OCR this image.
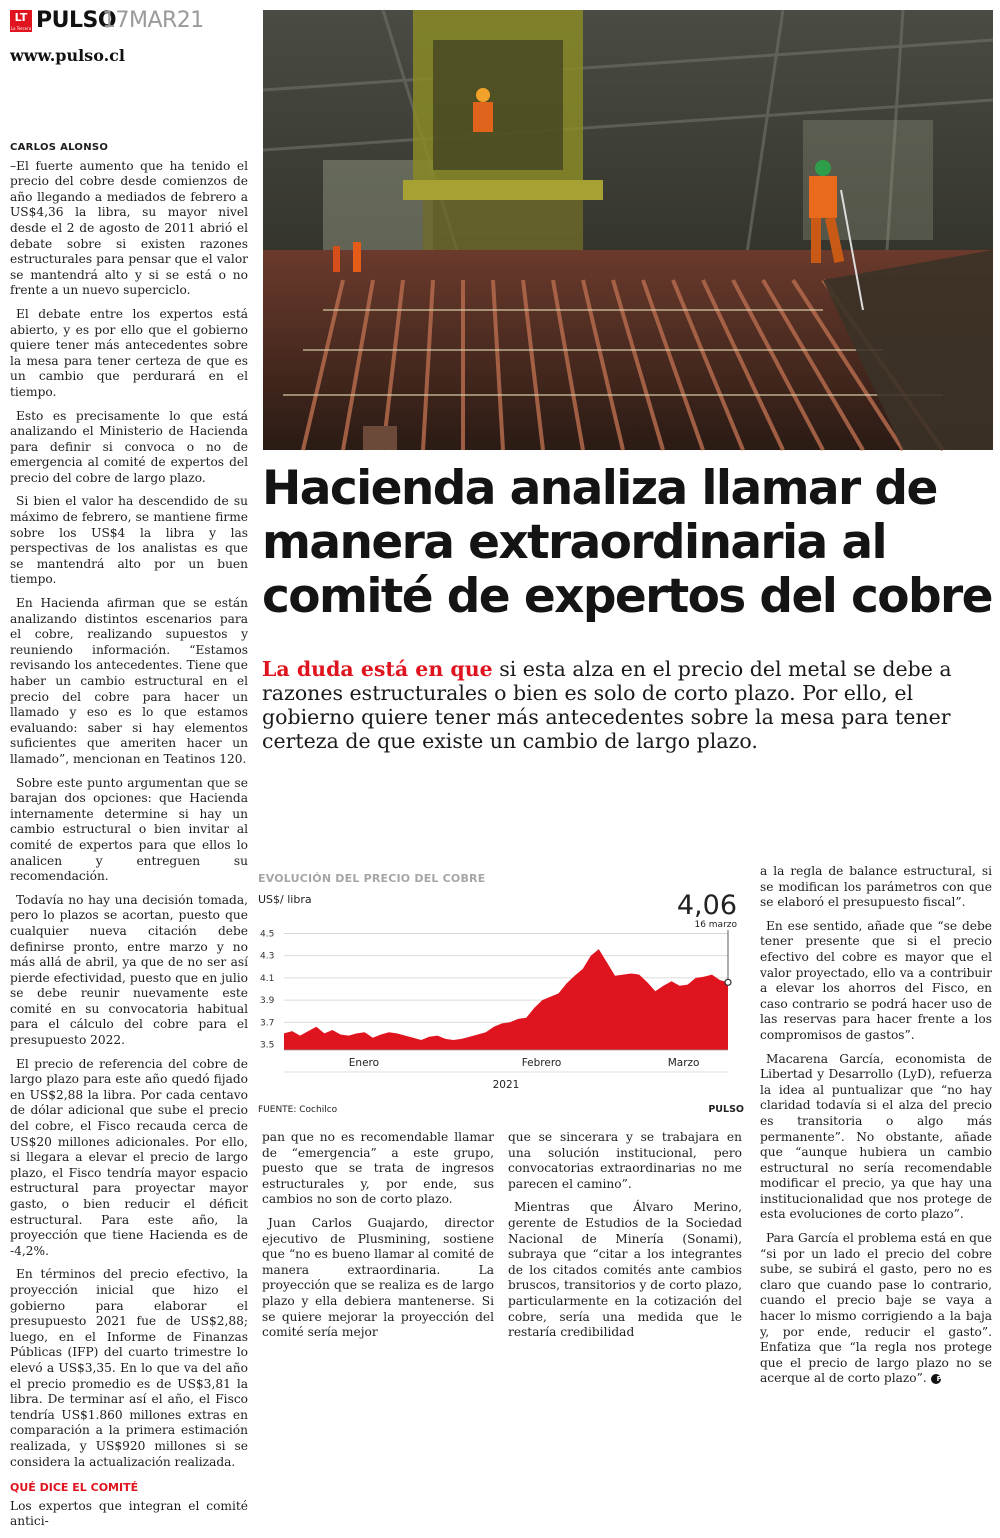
LT
La Tercera PULSO
17MAR21
www.pulso.cl
CARLOS ALONSO

–El fuerte aumento que ha tenido el precio del cobre desde comienzos de año llegando a mediados de febrero a US$4,36 la libra, su mayor nivel desde el 2 de agosto de 2011 abrió el debate sobre si existen razones estructurales para pensar que el valor se mantendrá alto y si se está o no frente a un nuevo superciclo.

El debate entre los expertos está abierto, y es por ello que el gobierno quiere tener más antecedentes sobre la mesa para tener certeza de que es un cambio que perdurará en el tiempo.

Esto es precisamente lo que está analizando el Ministerio de Hacienda para definir si convoca o no de emergencia al comité de expertos del precio del cobre de largo plazo.

Si bien el valor ha descendido de su máximo de febrero, se mantiene firme sobre los US$4 la libra y las perspectivas de los analistas es que se mantendrá alto por un buen tiempo.

En Hacienda afirman que se están analizando distintos escenarios para el cobre, realizando supuestos y reuniendo información. “Estamos revisando los antecedentes. Tiene que haber un cambio estructural en el precio del cobre para hacer un llamado y eso es lo que estamos evaluando: saber si hay elementos suficientes que ameriten hacer un llamado”, mencionan en Teatinos 120.

Sobre este punto argumentan que se barajan dos opciones: que Hacienda internamente determine si hay un cambio estructural o bien invitar al comité de expertos para que ellos lo analicen y entreguen su recomendación.

Todavía no hay una decisión tomada, pero lo plazos se acortan, puesto que cualquier nueva citación debe definirse pronto, entre marzo y no más allá de abril, ya que de no ser así pierde efectividad, puesto que en julio se debe reunir nuevamente este comité en su convocatoria habitual para el cálculo del cobre para el presupuesto 2022.

El precio de referencia del cobre de largo plazo para este año quedó fijado en US$2,88 la libra. Por cada centavo de dólar adicional que sube el precio del cobre, el Fisco recauda cerca de US$20 millones adicionales. Por ello, si llegara a elevar el precio de largo plazo, el Fisco tendría mayor espacio estructural para proyectar mayor gasto, o bien reducir el déficit estructural. Para este año, la proyección que tiene Hacienda es de -4,2%.

En términos del precio efectivo, la proyección inicial que hizo el gobierno para elaborar el presupuesto 2021 fue de US$2,88; luego, en el Informe de Finanzas Públicas (IFP) del cuarto trimestre lo elevó a US$3,35. En lo que va del año el precio promedio es de US$3,81 la libra. De terminar así el año, el Fisco tendría US$1.860 millones extras en comparación a la primera estimación realizada, y US$920 millones si se considera la actualización realizada.

QUÉ DICE EL COMITÉ
Los expertos que integran el comité antici-
Hacienda analiza llamar de manera extraordinaria al comité de expertos del cobre

La duda está en que si esta alza en el precio del metal se debe a razones estructurales o bien es solo de corto plazo. Por ello, el gobierno quiere tener más antecedentes sobre la mesa para tener certeza de que existe un cambio de largo plazo.

EVOLUCIÓN DEL PRECIO DEL COBRE
US$/ libra
3.5
3.7
3.9
4.1
4.3
4.5
Enero	Febrero	Marzo
4,06
16 marzo
2021
FUENTE: Cochilco	PULSO

pan que no es recomendable llamar de “emergencia” a este grupo, puesto que se trata de ingresos estructurales y, por ende, sus cambios no son de corto plazo.

Juan Carlos Guajardo, director ejecutivo de Plusmining, sostiene que “no es bueno llamar al comité de manera extraordinaria. La proyección que se realiza es de largo plazo y ella debiera mantenerse. Si se quiere mejorar la proyección del comité sería mejor

que se sincerara y se trabajara en una solución institucional, pero convocatorias extraordinarias no me parecen el camino”.

Mientras que Álvaro Merino, gerente de Estudios de la Sociedad Nacional de Minería (Sonami), subraya que “citar a los integrantes de los citados comités ante cambios bruscos, transitorios y de corto plazo, particularmente en la cotización del cobre, sería una medida que le restaría credibilidad

a la regla de balance estructural, si se modifican los parámetros con que se elaboró el presupuesto fiscal”.

En ese sentido, añade que “se debe tener presente que si el precio efectivo del cobre es mayor que el valor proyectado, ello va a contribuir a elevar los ahorros del Fisco, en caso contrario se podrá hacer uso de las reservas para hacer frente a los compromisos de gastos”.

Macarena García, economista de Libertad y Desarrollo (LyD), refuerza la idea al puntualizar que “no hay claridad todavía si el alza del precio es transitoria o algo más permanente”. No obstante, añade que “aunque hubiera un cambio estructural no sería recomendable modificar el precio, ya que hay una institucionalidad que nos protege de esta evoluciones de corto plazo”.

Para García el problema está en que “si por un lado el precio del cobre sube, se subirá el gasto, pero no es claro que cuando pase lo contrario, cuando el precio baje se vaya a hacer lo mismo corrigiendo a la baja y, por ende, reducir el gasto”. Enfatiza que “la regla nos protege que el precio de largo plazo no se acerque al de corto plazo”. P
